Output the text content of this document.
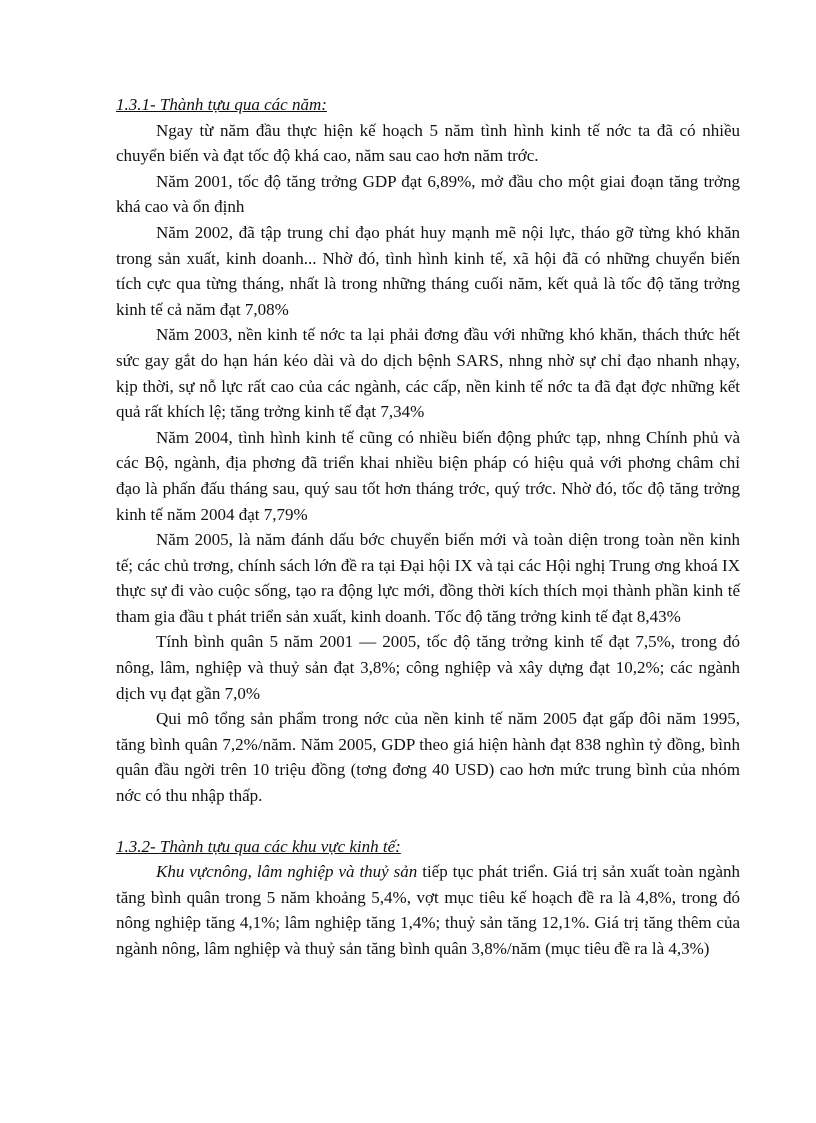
1.3.1- Thành tựu qua các năm:

Ngay từ năm đầu thực hiện kế hoạch 5 năm tình hình kinh tế nớc ta đã có nhiều chuyển biến và đạt tốc độ khá cao, năm sau cao hơn năm trớc.

Năm 2001, tốc độ tăng trởng GDP đạt 6,89%, mở đầu cho một giai đoạn tăng trởng khá cao và ổn định

Năm 2002, đã tập trung chỉ đạo phát huy mạnh mẽ nội lực, tháo gỡ từng khó khăn trong sản xuất, kinh doanh... Nhờ đó, tình hình kinh tế, xã hội đã có những chuyển biến tích cực qua từng tháng, nhất là trong những tháng cuối năm, kết quả là tốc độ tăng trởng kinh tế cả năm đạt 7,08%

Năm 2003, nền kinh tế nớc ta lại phải đơng đầu với những khó khăn, thách thức hết sức gay gắt do hạn hán kéo dài và do dịch bệnh SARS, nhng nhờ sự chỉ đạo nhanh nhạy, kịp thời, sự nỗ lực rất cao của các ngành, các cấp, nền kinh tế nớc ta đã đạt đợc những kết quả rất khích lệ; tăng trởng kinh tế đạt 7,34%

Năm 2004, tình hình kinh tế cũng có nhiều biến động phức tạp, nhng Chính phủ và các Bộ, ngành, địa phơng đã triển khai nhiều biện pháp có hiệu quả với phơng châm chỉ đạo là phấn đấu tháng sau, quý sau tốt hơn tháng trớc, quý trớc. Nhờ đó, tốc độ tăng trởng kinh tế năm 2004 đạt 7,79%

Năm 2005, là năm đánh dấu bớc chuyển biến mới và toàn diện trong toàn nền kinh tế; các chủ trơng, chính sách lớn đề ra tại Đại hội IX và tại các Hội nghị Trung ơng khoá IX thực sự đi vào cuộc sống, tạo ra động lực mới, đồng thời kích thích mọi thành phần kinh tế tham gia đầu t phát triển sản xuất, kinh doanh. Tốc độ tăng trởng kinh tế đạt 8,43%

Tính bình quân 5 năm 2001 — 2005, tốc độ tăng trởng kinh tế đạt 7,5%, trong đó nông, lâm, nghiệp và thuỷ sản đạt 3,8%; công nghiệp và xây dựng đạt 10,2%; các ngành dịch vụ đạt gần 7,0%

Qui mô tổng sản phẩm trong nớc của nền kinh tế năm 2005 đạt gấp đôi năm 1995, tăng bình quân 7,2%/năm. Năm 2005, GDP theo giá hiện hành đạt 838 nghìn tỷ đồng, bình quân đầu ngời trên 10 triệu đồng (tơng đơng 40 USD) cao hơn mức trung bình của nhóm nớc có thu nhập thấp.

1.3.2- Thành tựu qua các khu vực kinh tế:

Khu vựcnông, lâm nghiệp và thuỷ sản tiếp tục phát triển. Giá trị sản xuất toàn ngành tăng bình quân trong 5 năm khoảng 5,4%, vợt mục tiêu kế hoạch đề ra là 4,8%, trong đó nông nghiệp tăng 4,1%; lâm nghiệp tăng 1,4%; thuỷ sản tăng 12,1%. Giá trị tăng thêm của ngành nông, lâm nghiệp và thuỷ sản tăng bình quân 3,8%/năm (mục tiêu đề ra là 4,3%)
